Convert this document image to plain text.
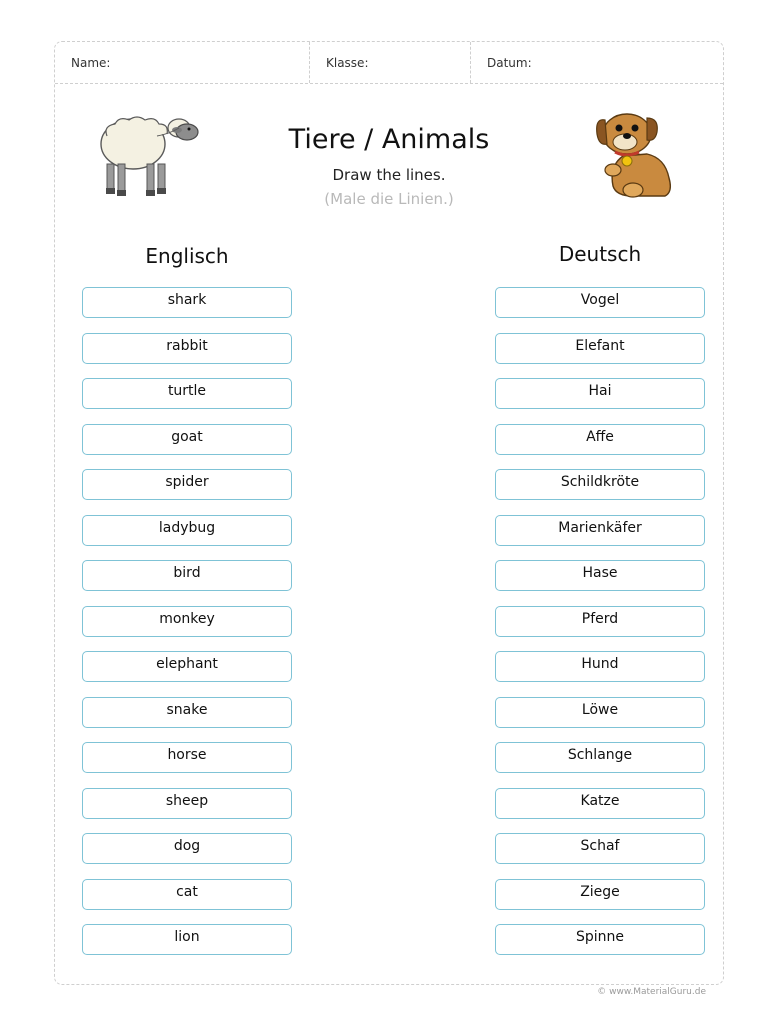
Name:	Klasse:	Datum:
Tiere / Animals
Draw the lines.
(Male die Linien.)
Englisch	Deutsch
shark
rabbit
turtle
goat
spider
ladybug
bird
monkey
elephant
snake
horse
sheep
dog
cat
lion
Vogel
Elefant
Hai
Affe
Schildkröte
Marienkäfer
Hase
Pferd
Hund
Löwe
Schlange
Katze
Schaf
Ziege
Spinne
© www.MaterialGuru.de
